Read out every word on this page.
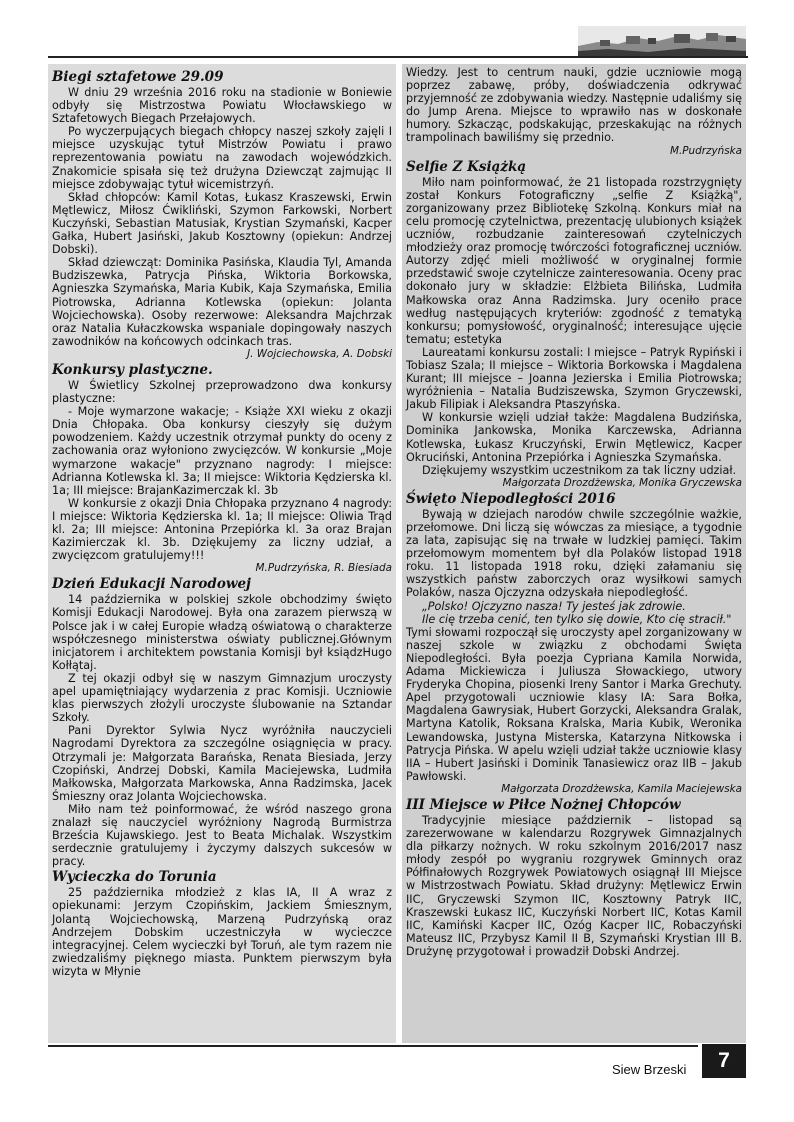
Biegi sztafetowe 29.09

W dniu 29 września 2016 roku na stadionie w Boniewie odbyły się Mistrzostwa Powiatu Włocławskiego w Sztafetowych Biegach Przełajowych.

Po wyczerpujących biegach chłopcy naszej szkoły zajęli I miejsce uzyskując tytuł Mistrzów Powiatu i prawo reprezentowania powiatu na zawodach wojewódzkich. Znakomicie spisała się też drużyna Dziewcząt zajmując II miejsce zdobywając tytuł wicemistrzyń.

Skład chłopców: Kamil Kotas, Łukasz Kraszewski, Erwin Mętlewicz, Miłosz Ćwikliński, Szymon Farkowski, Norbert Kuczyński, Sebastian Matusiak, Krystian Szymański, Kacper Gałka, Hubert Jasiński, Jakub Kosztowny (opiekun: Andrzej Dobski).

Skład dziewcząt: Dominika Pasińska, Klaudia Tyl, Amanda Budziszewka, Patrycja Pińska, Wiktoria Borkowska, Agnieszka Szymańska, Maria Kubik, Kaja Szymańska, Emilia Piotrowska, Adrianna Kotlewska (opiekun: Jolanta Wojciechowska). Osoby rezerwowe: Aleksandra Majchrzak oraz Natalia Kułaczkowska wspaniale dopingowały naszych zawodników na końcowych odcinkach tras.

J. Wojciechowska, A. Dobski

Konkursy plastyczne.

W Świetlicy Szkolnej przeprowadzono dwa konkursy plastyczne:

- Moje wymarzone wakacje; - Książe XXI wieku z okazji Dnia Chłopaka. Oba konkursy cieszyły się dużym powodzeniem. Każdy uczestnik otrzymał punkty do oceny z zachowania oraz wyłoniono zwycięzców. W konkursie „Moje wymarzone wakacje" przyznano nagrody: I miejsce: Adrianna Kotlewska kl. 3a; II miejsce: Wiktoria Kędzierska kl. 1a; III miejsce: BrajanKazimerczak kl. 3b

W konkursie z okazji Dnia Chłopaka przyznano 4 nagrody: I miejsce: Wiktoria Kędzierska kl. 1a; II miejsce: Oliwia Trąd kl. 2a; III miejsce: Antonina Przepiórka kl. 3a oraz Brajan Kazimierczak kl. 3b. Dziękujemy za liczny udział, a zwycięzcom gratulujemy!!!

M.Pudrzyńska, R. Biesiada

Dzień Edukacji Narodowej

14 października w polskiej szkole obchodzimy święto Komisji Edukacji Narodowej. Była ona zarazem pierwszą w Polsce jak i w całej Europie władzą oświatową o charakterze współczesnego ministerstwa oświaty publicznej.Głównym inicjatorem i architektem powstania Komisji był ksiądzHugo Kołłątaj.

Z tej okazji odbył się w naszym Gimnazjum uroczysty apel upamiętniający wydarzenia z prac Komisji. Uczniowie klas pierwszych złożyli uroczyste ślubowanie na Sztandar Szkoły.

Pani Dyrektor Sylwia Nycz wyróżniła nauczycieli Nagrodami Dyrektora za szczególne osiągnięcia w pracy. Otrzymali je: Małgorzata Barańska, Renata Biesiada, Jerzy Czopiński, Andrzej Dobski, Kamila Maciejewska, Ludmiła Małkowska, Małgorzata Markowska, Anna Radzimska, Jacek Śmieszny oraz Jolanta Wojciechowska.

Miło nam też poinformować, że wśród naszego grona znalazł się nauczyciel wyróżniony Nagrodą Burmistrza Brześcia Kujawskiego. Jest to Beata Michalak. Wszystkim serdecznie gratulujemy i życzymy dalszych sukcesów w pracy.

Wycieczka do Torunia

25 października młodzież z klas IA, II A wraz z opiekunami: Jerzym Czopińskim, Jackiem Śmiesznym, Jolantą Wojciechowską, Marzeną Pudrzyńską oraz Andrzejem Dobskim uczestniczyła w wycieczce integracyjnej. Celem wycieczki był Toruń, ale tym razem nie zwiedzaliśmy pięknego miasta. Punktem pierwszym była wizyta w Młynie

Wiedzy. Jest to centrum nauki, gdzie uczniowie mogą poprzez zabawę, próby, doświadczenia odkrywać przyjemność ze zdobywania wiedzy. Następnie udaliśmy się do Jump Arena. Miejsce to wprawiło nas w doskonałe humory. Szkacząc, podskakując, przeskakując na różnych trampolinach bawiliśmy się przednio.

M.Pudrzyńska

Selfie Z Książką

Miło nam poinformować, że 21 listopada rozstrzygnięty został Konkurs Fotograficzny „selfie Z Książką", zorganizowany przez Bibliotekę Szkolną. Konkurs miał na celu promocję czytelnictwa, prezentację ulubionych książek uczniów, rozbudzanie zainteresowań czytelniczych młodzieży oraz promocję twórczości fotograficznej uczniów. Autorzy zdjęć mieli możliwość w oryginalnej formie przedstawić swoje czytelnicze zainteresowania. Oceny prac dokonało jury w składzie: Elżbieta Bilińska, Ludmiła Małkowska oraz Anna Radzimska. Jury oceniło prace według następujących kryteriów: zgodność z tematyką konkursu; pomysłowość, oryginalność; interesujące ujęcie tematu; estetyka

Laureatami konkursu zostali: I miejsce – Patryk Rypiński i Tobiasz Szala; II miejsce – Wiktoria Borkowska i Magdalena Kurant; III miejsce – Joanna Jezierska i Emilia Piotrowska; wyróżnienia – Natalia Budziszewska, Szymon Gryczewski, Jakub Filipiak i Aleksandra Ptaszyńska.

W konkursie wzięli udział także: Magdalena Budzińska, Dominika Jankowska, Monika Karczewska, Adrianna Kotlewska, Łukasz Kruczyński, Erwin Mętlewicz, Kacper Okruciński, Antonina Przepiórka i Agnieszka Szymańska.

Dziękujemy wszystkim uczestnikom za tak liczny udział.

Małgorzata Drozdżewska, Monika Gryczewska

Święto Niepodległości 2016

Bywają w dziejach narodów chwile szczególnie ważkie, przełomowe. Dni liczą się wówczas za miesiące, a tygodnie za lata, zapisując się na trwałe w ludzkiej pamięci. Takim przełomowym momentem był dla Polaków listopad 1918 roku. 11 listopada 1918 roku, dzięki załamaniu się wszystkich państw zaborczych oraz wysiłkowi samych Polaków, nasza Ojczyzna odzyskała niepodległość.

„Polsko! Ojczyzno nasza! Ty jesteś jak zdrowie.

Ile cię trzeba cenić, ten tylko się dowie, Kto cię stracił."

Tymi słowami rozpoczął się uroczysty apel zorganizowany w naszej szkole w związku z obchodami Święta Niepodległości. Była poezja Cypriana Kamila Norwida, Adama Mickiewicza i Juliusza Słowackiego, utwory Fryderyka Chopina, piosenki Ireny Santor i Marka Grechuty. Apel przygotowali uczniowie klasy IA: Sara Bołka, Magdalena Gawrysiak, Hubert Gorzycki, Aleksandra Gralak, Martyna Katolik, Roksana Kralska, Maria Kubik, Weronika Lewandowska, Justyna Misterska, Katarzyna Nitkowska i Patrycja Pińska. W apelu wzięli udział także uczniowie klasy IIA – Hubert Jasiński i Dominik Tanasiewicz oraz IIB – Jakub Pawłowski.

Małgorzata Drozdżewska, Kamila Maciejewska

III Miejsce w Piłce Nożnej Chłopców

Tradycyjnie miesiące październik – listopad są zarezerwowane w kalendarzu Rozgrywek Gimnazjalnych dla piłkarzy nożnych. W roku szkolnym 2016/2017 nasz młody zespół po wygraniu rozgrywek Gminnych oraz Półfinałowych Rozgrywek Powiatowych osiągnął III Miejsce w Mistrzostwach Powiatu. Skład drużyny: Mętlewicz Erwin IIC, Gryczewski Szymon IIC, Kosztowny Patryk IIC, Kraszewski Łukasz IIC, Kuczyński Norbert IIC, Kotas Kamil IIC, Kamiński Kacper IIC, Ozóg Kacper IIC, Robaczyński Mateusz IIC, Przybysz Kamil II B, Szymański Krystian III B. Drużynę przygotował i prowadził Dobski Andrzej.

Siew Brzeski	7
